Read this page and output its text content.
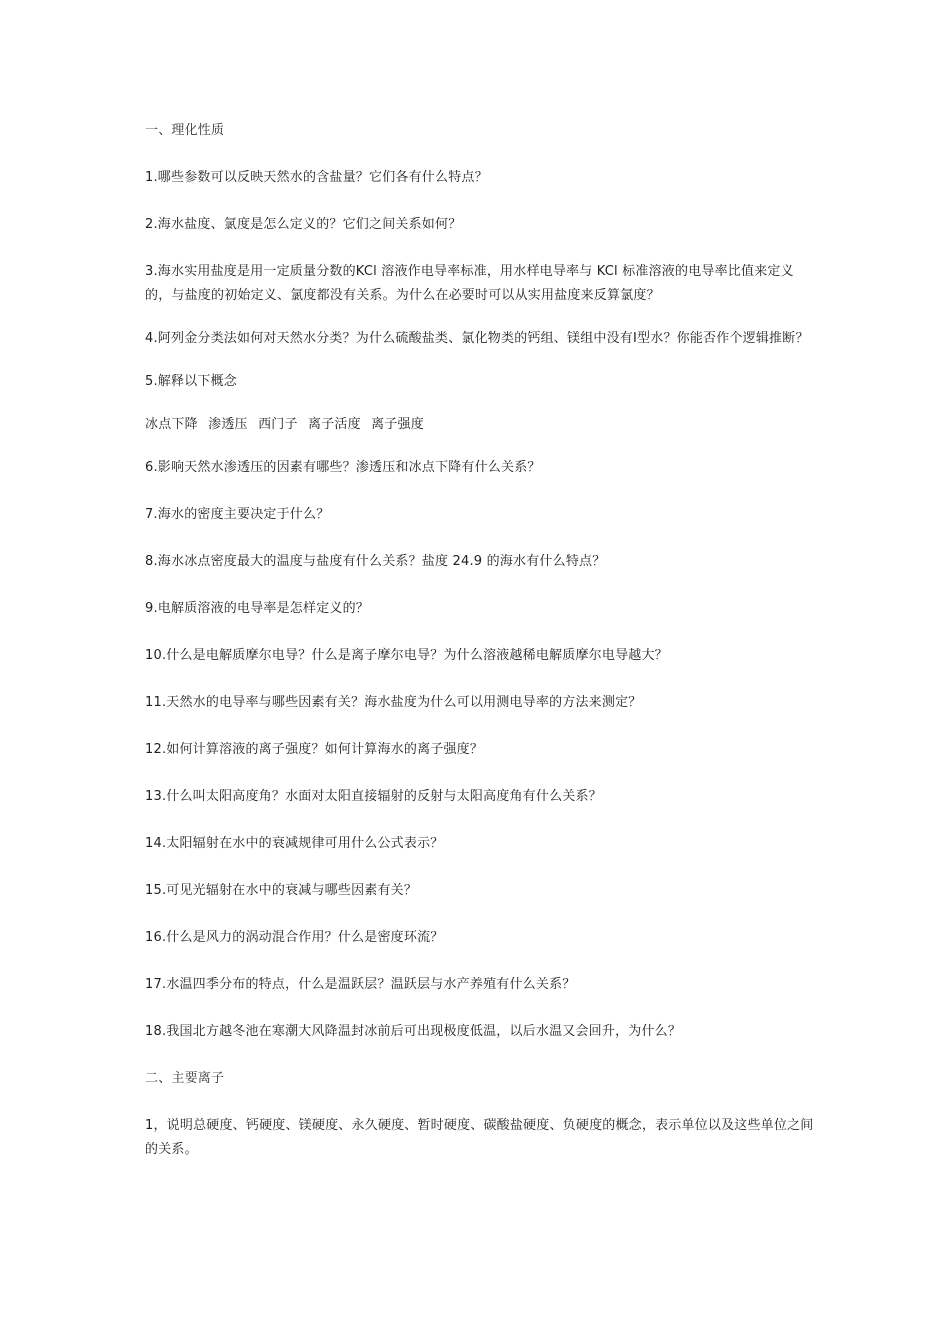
一、理化性质

1.哪些参数可以反映天然水的含盐量？它们各有什么特点？

2.海水盐度、氯度是怎么定义的？它们之间关系如何？

3.海水实用盐度是用一定质量分数的KCl 溶液作电导率标准，用水样电导率与 KCl 标准溶液的电导率比值来定义的，与盐度的初始定义、氯度都没有关系。为什么在必要时可以从实用盐度来反算氯度？

4.阿列金分类法如何对天然水分类？为什么硫酸盐类、氯化物类的钙组、镁组中没有Ⅰ型水？你能否作个逻辑推断？

5.解释以下概念

冰点下降 渗透压 西门子 离子活度 离子强度

6.影响天然水渗透压的因素有哪些？渗透压和冰点下降有什么关系？

7.海水的密度主要决定于什么？

8.海水冰点密度最大的温度与盐度有什么关系？盐度 24.9 的海水有什么特点？

9.电解质溶液的电导率是怎样定义的？

10.什么是电解质摩尔电导？什么是离子摩尔电导？为什么溶液越稀电解质摩尔电导越大？

11.天然水的电导率与哪些因素有关？海水盐度为什么可以用测电导率的方法来测定？

12.如何计算溶液的离子强度？如何计算海水的离子强度？

13.什么叫太阳高度角？水面对太阳直接辐射的反射与太阳高度角有什么关系？

14.太阳辐射在水中的衰减规律可用什么公式表示？

15.可见光辐射在水中的衰减与哪些因素有关？

16.什么是风力的涡动混合作用？什么是密度环流？

17.水温四季分布的特点，什么是温跃层？温跃层与水产养殖有什么关系？

18.我国北方越冬池在寒潮大风降温封冰前后可出现极度低温，以后水温又会回升，为什么？

二、主要离子

1，说明总硬度、钙硬度、镁硬度、永久硬度、暂时硬度、碳酸盐硬度、负硬度的概念，表示单位以及这些单位之间的关系。
